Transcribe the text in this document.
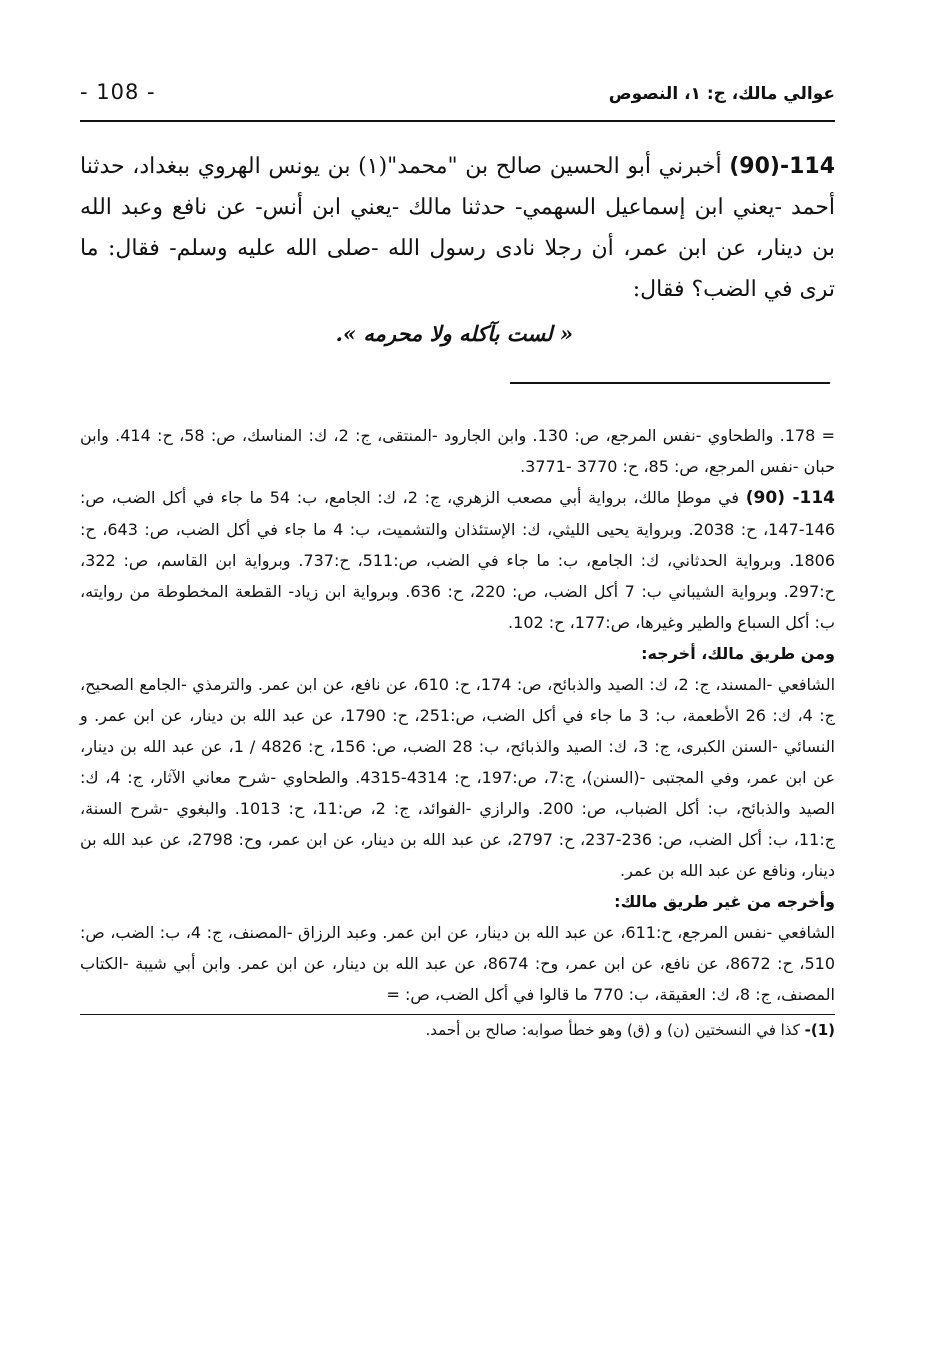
عوالي مالك، ج: ١، النصوص
- 108 -

114-(90) أخبرني أبو الحسين صالح بن "محمد"(١) بن يونس الهروي ببغداد، حدثنا أحمد -يعني ابن إسماعيل السهمي- حدثنا مالك -يعني ابن أنس- عن نافع وعبد الله بن دينار، عن ابن عمر، أن رجلا نادى رسول الله -صلى الله عليه وسلم- فقال: ما ترى في الضب؟ فقال:

« لست بآكله ولا محرمه ».

= 178. والطحاوي -نفس المرجع، ص: 130. وابن الجارود -المنتقى، ج: 2، ك: المناسك، ص: 58، ح: 414. وابن حبان -نفس المرجع، ص: 85، ح: 3770 -3771.

114- (90) في موطإ مالك، برواية أبي مصعب الزهري، ج: 2، ك: الجامع، ب: 54 ما جاء في أكل الضب، ص: 146-147، ح: 2038. وبرواية يحيى الليثي، ك: الإستئذان والتشميت، ب: 4 ما جاء في أكل الضب، ص: 643، ح: 1806. وبرواية الحدثاني، ك: الجامع، ب: ما جاء في الضب، ص:511، ح:737. وبرواية ابن القاسم، ص: 322، ح:297. وبرواية الشيباني ب: 7 أكل الضب، ص: 220، ح: 636. وبرواية ابن زياد- القطعة المخطوطة من روايته، ب: أكل السباع والطير وغيرها، ص:177، ح: 102.

ومن طريق مالك، أخرجه:

الشافعي -المسند، ج: 2، ك: الصيد والذبائح، ص: 174، ح: 610، عن نافع، عن ابن عمر. والترمذي -الجامع الصحيح، ج: 4، ك: 26 الأطعمة، ب: 3 ما جاء في أكل الضب، ص:251، ح: 1790، عن عبد الله بن دينار، عن ابن عمر. و النسائي -السنن الكبرى، ج: 3، ك: الصيد والذبائح، ب: 28 الضب، ص: 156، ح: 4826 / 1، عن عبد الله بن دينار، عن ابن عمر، وفي المجتبى -(السنن)، ج:7، ص:197، ح: 4314-4315. والطحاوي -شرح معاني الآثار، ج: 4، ك: الصيد والذبائح، ب: أكل الضباب، ص: 200. والرازي -الفوائد، ج: 2، ص:11، ح: 1013. والبغوي -شرح السنة، ج:11، ب: أكل الضب، ص: 236-237، ح: 2797، عن عبد الله بن دينار، عن ابن عمر، وح: 2798، عن عبد الله بن دينار، ونافع عن عبد الله بن عمر.

وأخرجه من غير طريق مالك:

الشافعي -نفس المرجع، ح:611، عن عبد الله بن دينار، عن ابن عمر. وعبد الرزاق -المصنف، ج: 4، ب: الضب، ص: 510، ح: 8672، عن نافع، عن ابن عمر، وح: 8674، عن عبد الله بن دينار، عن ابن عمر. وابن أبي شيبة -الكتاب المصنف، ج: 8، ك: العقيقة، ب: 770 ما قالوا في أكل الضب، ص: =

(1)- كذا في النسختين (ن) و (ق) وهو خطأ صوابه: صالح بن أحمد.
